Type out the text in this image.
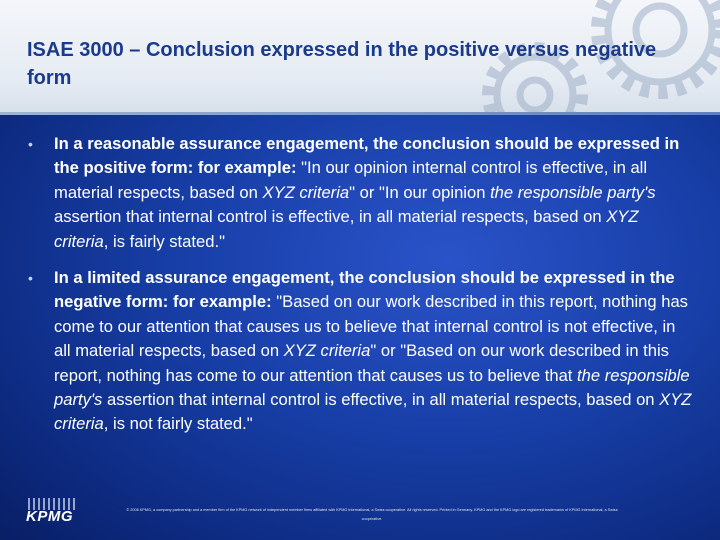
ISAE 3000 – Conclusion expressed in the positive versus negative form
• In a reasonable assurance engagement, the conclusion should be expressed in the positive form: for example: "In our opinion internal control is effective, in all material respects, based on XYZ criteria" or "In our opinion the responsible party's assertion that internal control is effective, in all material respects, based on XYZ criteria, is fairly stated."
• In a limited assurance engagement, the conclusion should be expressed in the negative form: for example: "Based on our work described in this report, nothing has come to our attention that causes us to believe that internal control is not effective, in all material respects, based on XYZ criteria" or "Based on our work described in this report, nothing has come to our attention that causes us to believe that the responsible party's assertion that internal control is effective, in all material respects, based on XYZ criteria, is not fairly stated."
KPMG	© 2008 KPMG, a company partnership and a member firm of the KPMG network of independent member firms affiliated with KPMG International, a Swiss cooperative. All rights reserved. Printed in Germany. KPMG and the KPMG logo are registered trademarks of KPMG International, a Swiss cooperative.
